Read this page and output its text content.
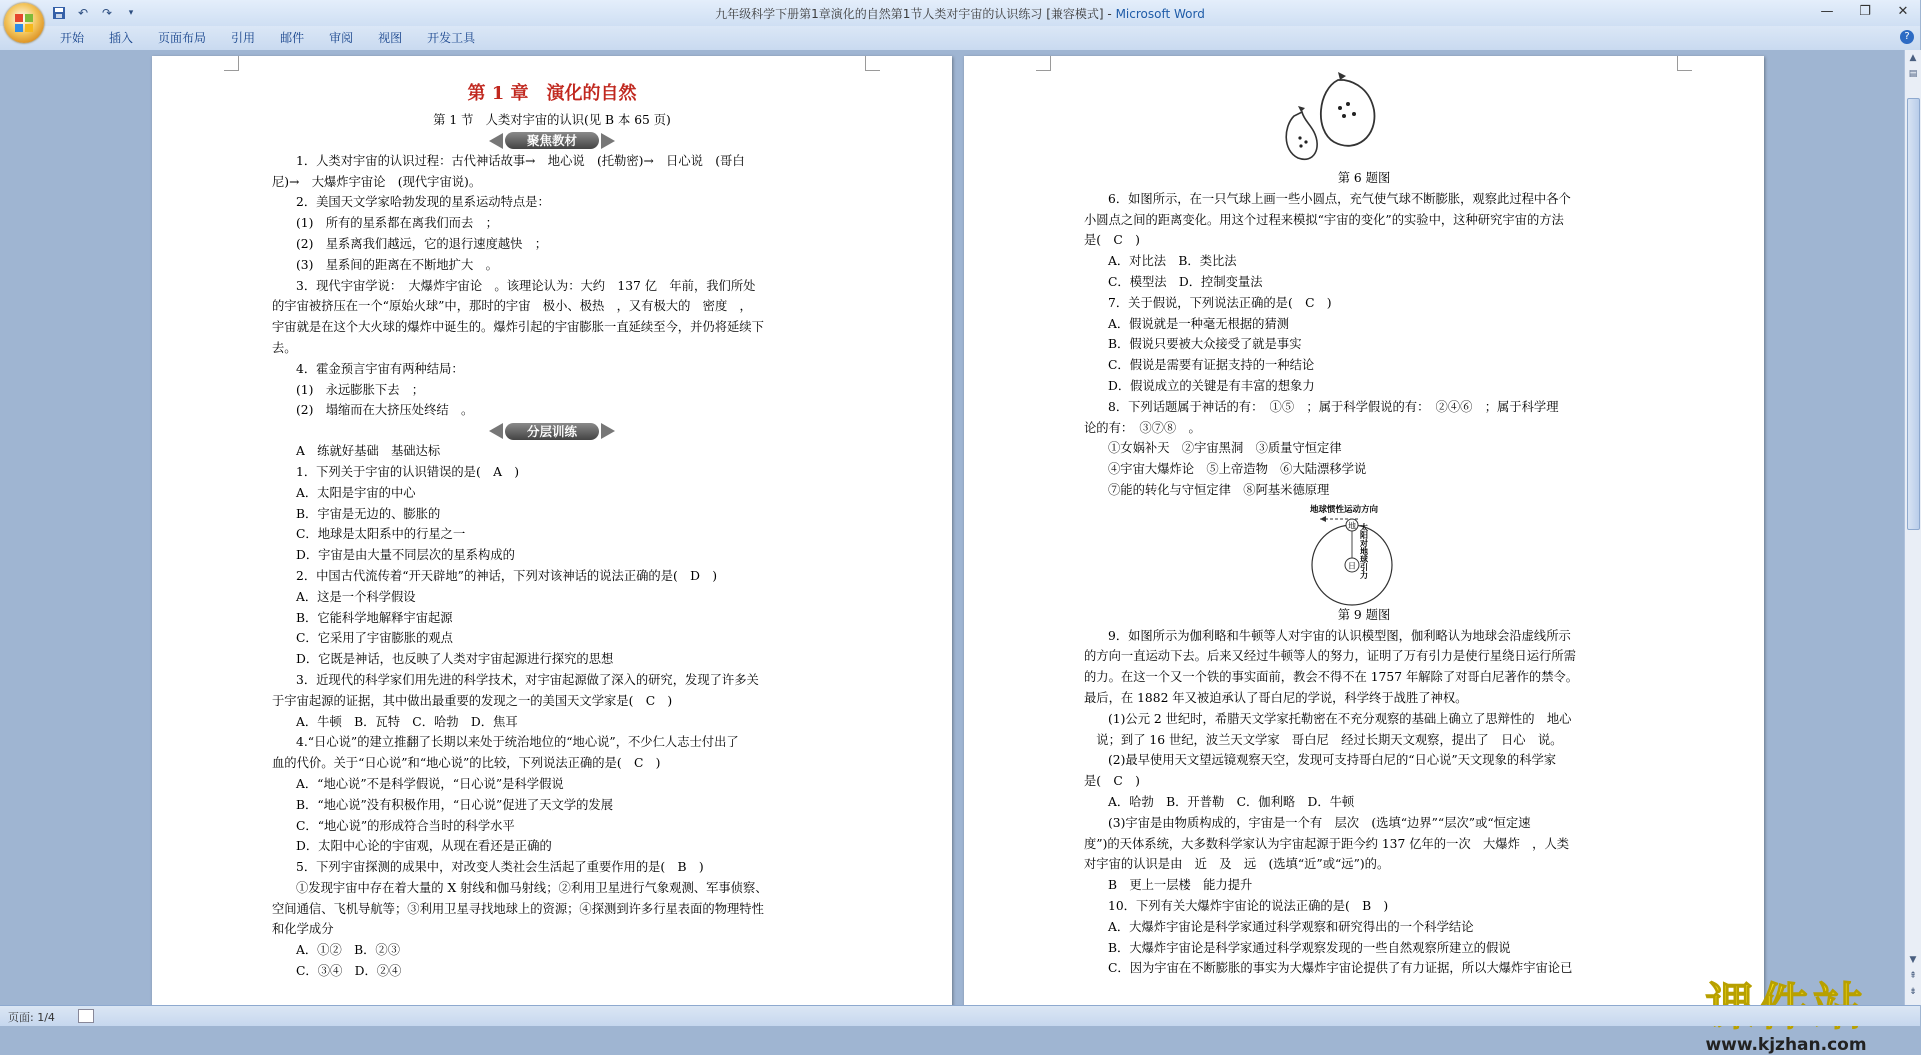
↶	↷	▾	九年级科学下册第1章演化的自然第1节人类对宇宙的认识练习 [兼容模式] - Microsoft Word	—	❐	✕
开始	插入	页面布局	引用	邮件	审阅	视图	开发工具	?
第 1 章　演化的自然
第 1 节　人类对宇宙的认识(见 B 本 65 页)
聚焦教材
1．人类对宇宙的认识过程：古代神话故事→　地心说　(托勒密)→　日心说　(哥白
尼)→　大爆炸宇宙论　(现代宇宙说)。
2．美国天文学家哈勃发现的星系运动特点是：
(1)　所有的星系都在离我们而去　；
(2)　星系离我们越远，它的退行速度越快　；
(3)　星系间的距离在不断地扩大　。
3．现代宇宙学说：　大爆炸宇宙论　。该理论认为：大约　137 亿　年前，我们所处
的宇宙被挤压在一个“原始火球”中，那时的宇宙　极小、极热　，又有极大的　密度　，
宇宙就是在这个大火球的爆炸中诞生的。爆炸引起的宇宙膨胀一直延续至今，并仍将延续下
去。
4．霍金预言宇宙有两种结局：
(1)　永远膨胀下去　；
(2)　塌缩而在大挤压处终结　。
分层训练
A　练就好基础　基础达标
1．下列关于宇宙的认识错误的是(　A　)
A．太阳是宇宙的中心
B．宇宙是无边的、膨胀的
C．地球是太阳系中的行星之一
D．宇宙是由大量不同层次的星系构成的
2．中国古代流传着“开天辟地”的神话，下列对该神话的说法正确的是(　D　)
A．这是一个科学假设
B．它能科学地解释宇宙起源
C．它采用了宇宙膨胀的观点
D．它既是神话，也反映了人类对宇宙起源进行探究的思想
3．近现代的科学家们用先进的科学技术，对宇宙起源做了深入的研究，发现了许多关
于宇宙起源的证据，其中做出最重要的发现之一的美国天文学家是(　C　)
A．牛顿　B．瓦特　C．哈勃　D．焦耳
4.“日心说”的建立推翻了长期以来处于统治地位的“地心说”，不少仁人志士付出了
血的代价。关于“日心说”和“地心说”的比较，下列说法正确的是(　C　)
A．“地心说”不是科学假说，“日心说”是科学假说
B．“地心说”没有积极作用，“日心说”促进了天文学的发展
C．“地心说”的形成符合当时的科学水平
D．太阳中心论的宇宙观，从现在看还是正确的
5．下列宇宙探测的成果中，对改变人类社会生活起了重要作用的是(　B　)
①发现宇宙中存在着大量的 X 射线和伽马射线；②利用卫星进行气象观测、军事侦察、
空间通信、飞机导航等；③利用卫星寻找地球上的资源；④探测到许多行星表面的物理特性
和化学成分
A．①②　B．②③
C．③④　D．②④
第 6 题图
6．如图所示，在一只气球上画一些小圆点，充气使气球不断膨胀，观察此过程中各个
小圆点之间的距离变化。用这个过程来模拟“宇宙的变化”的实验中，这种研究宇宙的方法
是(　C　)
A．对比法　B．类比法
C．模型法　D．控制变量法
7．关于假说，下列说法正确的是(　C　)
A．假说就是一种毫无根据的猜测
B．假说只要被大众接受了就是事实
C．假说是需要有证据支持的一种结论
D．假说成立的关键是有丰富的想象力
8．下列话题属于神话的有：　①⑤　；属于科学假说的有：　②④⑥　；属于科学理
论的有：　③⑦⑧　。
①女娲补天　②宇宙黑洞　③质量守恒定律
④宇宙大爆炸论　⑤上帝造物　⑥大陆漂移学说
⑦能的转化与守恒定律　⑧阿基米德原理
地球惯性运动方向
地
日 太阳对地球引力
第 9 题图
9．如图所示为伽利略和牛顿等人对宇宙的认识模型图，伽利略认为地球会沿虚线所示
的方向一直运动下去。后来又经过牛顿等人的努力，证明了万有引力是使行星绕日运行所需
的力。在这一个又一个铁的事实面前，教会不得不在 1757 年解除了对哥白尼著作的禁令。
最后，在 1882 年又被迫承认了哥白尼的学说，科学终于战胜了神权。
(1)公元 2 世纪时，希腊天文学家托勒密在不充分观察的基础上确立了思辩性的　地心
　说；到了 16 世纪，波兰天文学家　哥白尼　经过长期天文观察，提出了　日心　说。
(2)最早使用天文望远镜观察天空，发现可支持哥白尼的“日心说”天文现象的科学家
是(　C　)
A．哈勃　B．开普勒　C．伽利略　D．牛顿
(3)宇宙是由物质构成的，宇宙是一个有　层次　(选填“边界”“层次”或“恒定速
度”)的天体系统，大多数科学家认为宇宙起源于距今约 137 亿年的一次　大爆炸　，人类
对宇宙的认识是由　近　及　远　(选填“近”或“远”)的。
B　更上一层楼　能力提升
10．下列有关大爆炸宇宙论的说法正确的是(　B　)
A．大爆炸宇宙论是科学家通过科学观察和研究得出的一个科学结论
B．大爆炸宇宙论是科学家通过科学观察发现的一些自然观察所建立的假说
C．因为宇宙在不断膨胀的事实为大爆炸宇宙论提供了有力证据，所以大爆炸宇宙论已
www.kjzhan.com
▲
▤
▼
⇞
⇟
页面: 1/4
